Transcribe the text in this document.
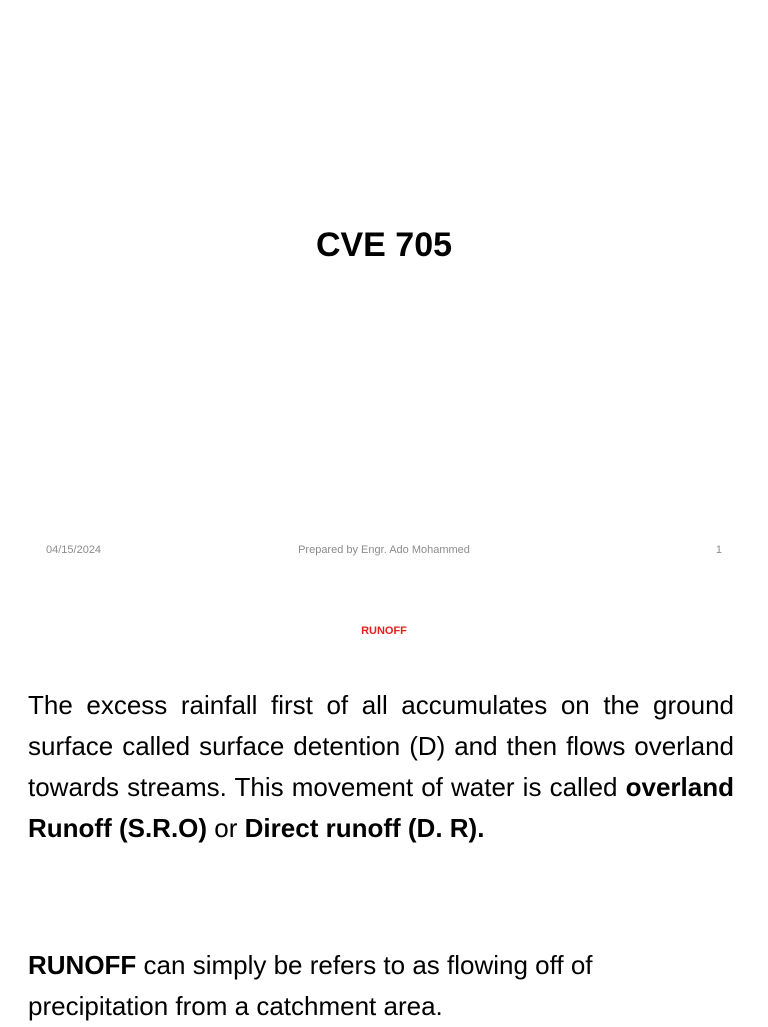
CVE 705
04/15/2024	Prepared by Engr. Ado Mohammed	1
RUNOFF

The excess rainfall first of all accumulates on the ground surface called surface detention (D) and then flows overland towards streams. This movement of water is called overland Runoff (S.R.O) or Direct runoff (D. R).

RUNOFF can simply be refers to as flowing off of precipitation from a catchment area.
